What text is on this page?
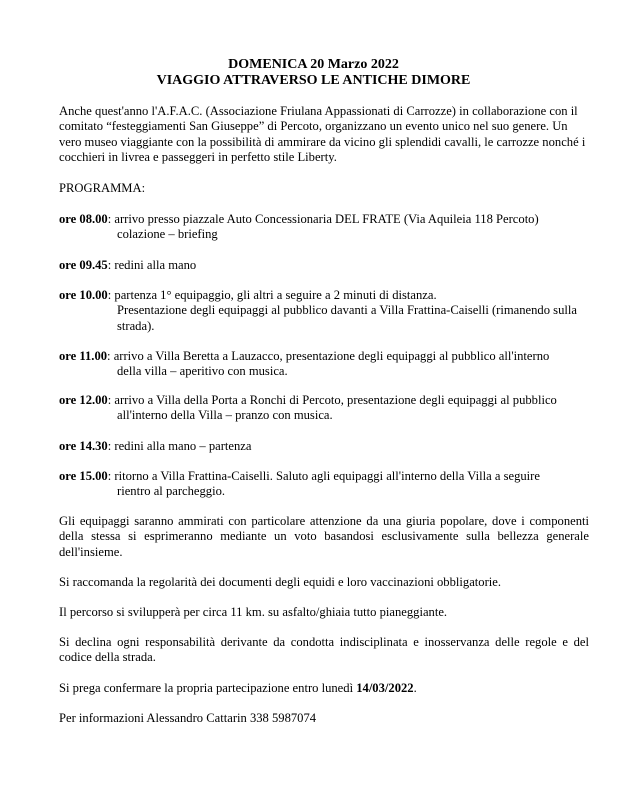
DOMENICA 20 Marzo 2022
VIAGGIO ATTRAVERSO LE ANTICHE DIMORE
Anche quest'anno l'A.F.A.C. (Associazione Friulana Appassionati di Carrozze) in collaborazione con il comitato “festeggiamenti San Giuseppe” di Percoto, organizzano un evento unico nel suo genere. Un vero museo viaggiante con la possibilità di ammirare da vicino gli splendidi cavalli, le carrozze nonché i cocchieri in livrea e passeggeri in perfetto stile Liberty.
PROGRAMMA:
ore 08.00: arrivo presso piazzale Auto Concessionaria DEL FRATE (Via Aquileia 118 Percoto)
colazione – briefing
ore 09.45: redini alla mano
ore 10.00: partenza 1° equipaggio, gli altri a seguire a 2 minuti di distanza.
Presentazione degli equipaggi al pubblico davanti a Villa Frattina-Caiselli (rimanendo sulla strada).
ore 11.00: arrivo a Villa Beretta a Lauzacco, presentazione degli equipaggi al pubblico all'interno
della villa – aperitivo con musica.
ore 12.00: arrivo a Villa della Porta a Ronchi di Percoto, presentazione degli equipaggi al pubblico
all'interno della Villa – pranzo con musica.
ore 14.30: redini alla mano – partenza
ore 15.00: ritorno a Villa Frattina-Caiselli. Saluto agli equipaggi all'interno della Villa a seguire
rientro al parcheggio.
Gli equipaggi saranno ammirati con particolare attenzione da una giuria popolare, dove i componenti della stessa si esprimeranno mediante un voto basandosi esclusivamente sulla bellezza generale dell'insieme.
Si raccomanda la regolarità dei documenti degli equidi e loro vaccinazioni obbligatorie.
Il percorso si svilupperà per circa 11 km. su asfalto/ghiaia tutto pianeggiante.
Si declina ogni responsabilità derivante da condotta indisciplinata e inosservanza delle regole e del codice della strada.
Si prega confermare la propria partecipazione entro lunedì 14/03/2022.
Per informazioni Alessandro Cattarin 338 5987074
